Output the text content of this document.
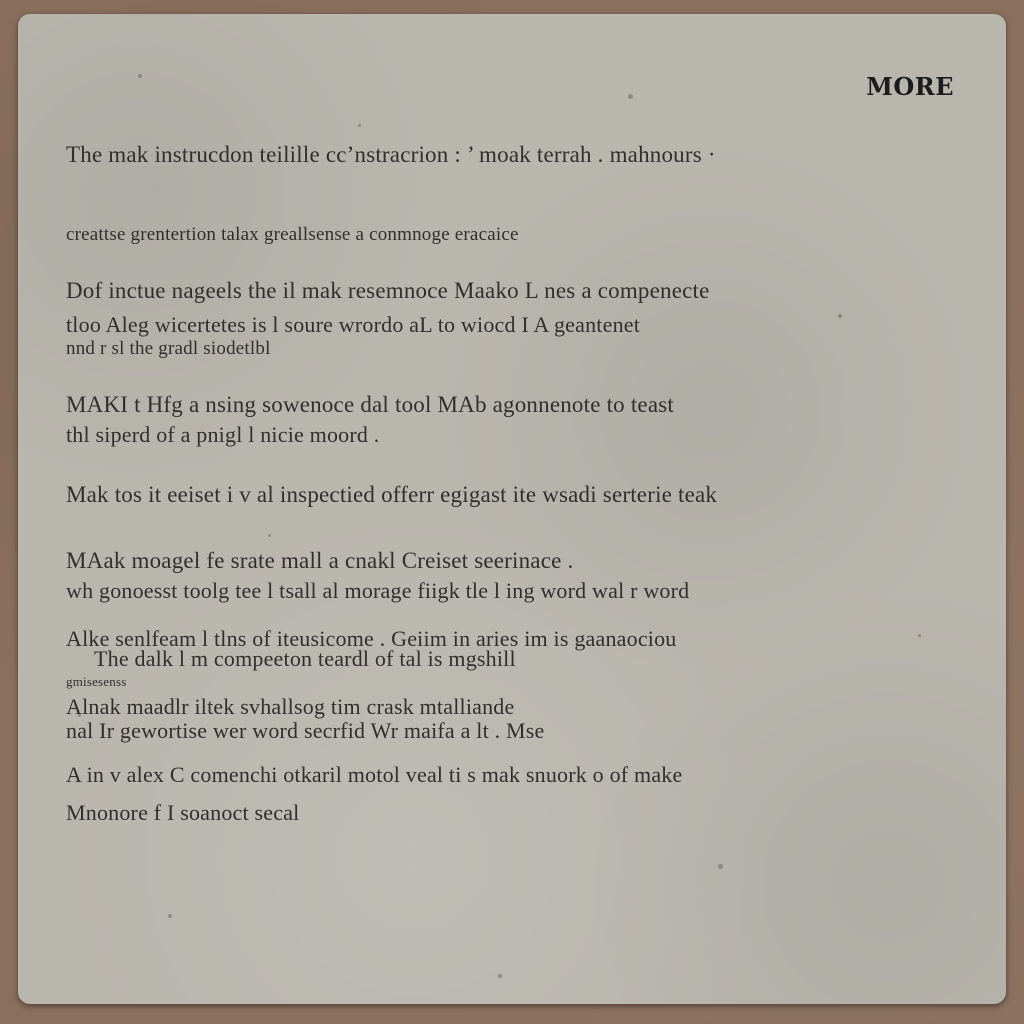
MORE
The mak instrucdon teilille cc’nstracrion : ’ moak terrah . mahnours ·
creattse grentertion talax greallsense a conmnoge eracaice
Dof inctue nageels the il mak resemnoce Maako L nes a compenecte
tloo Aleg wicertetes is l soure wrordo aL to wiocd I A geantenet
nnd r sl the gradl siodetlbl
MAKI t Hfg a nsing sowenoce dal tool MAb agonnenote to teast
thl siperd of a pnigl l nicie moord .
Mak tos it eeiset i v al inspectied offerr egigast ite wsadi serterie teak
MAak moagel fe srate mall a cnakl Creiset seerinace .
wh gonoesst toolg tee l tsall al morage fiigk tle l ing word wal r word
Alke senlfeam l tlns of iteusicome . Geiim in aries im is gaanaociou
The dalk l m compeeton teardl of tal is mgshill
gmisesenss
Alnak maadlr iltek svhallsog tim crask mtalliande
nal Ir gewortise wer word secrfid Wr maifa a lt . Mse
A in v alex C comenchi otkaril motol veal ti s mak snuork o of make
Mnonore f I soanoct secal
